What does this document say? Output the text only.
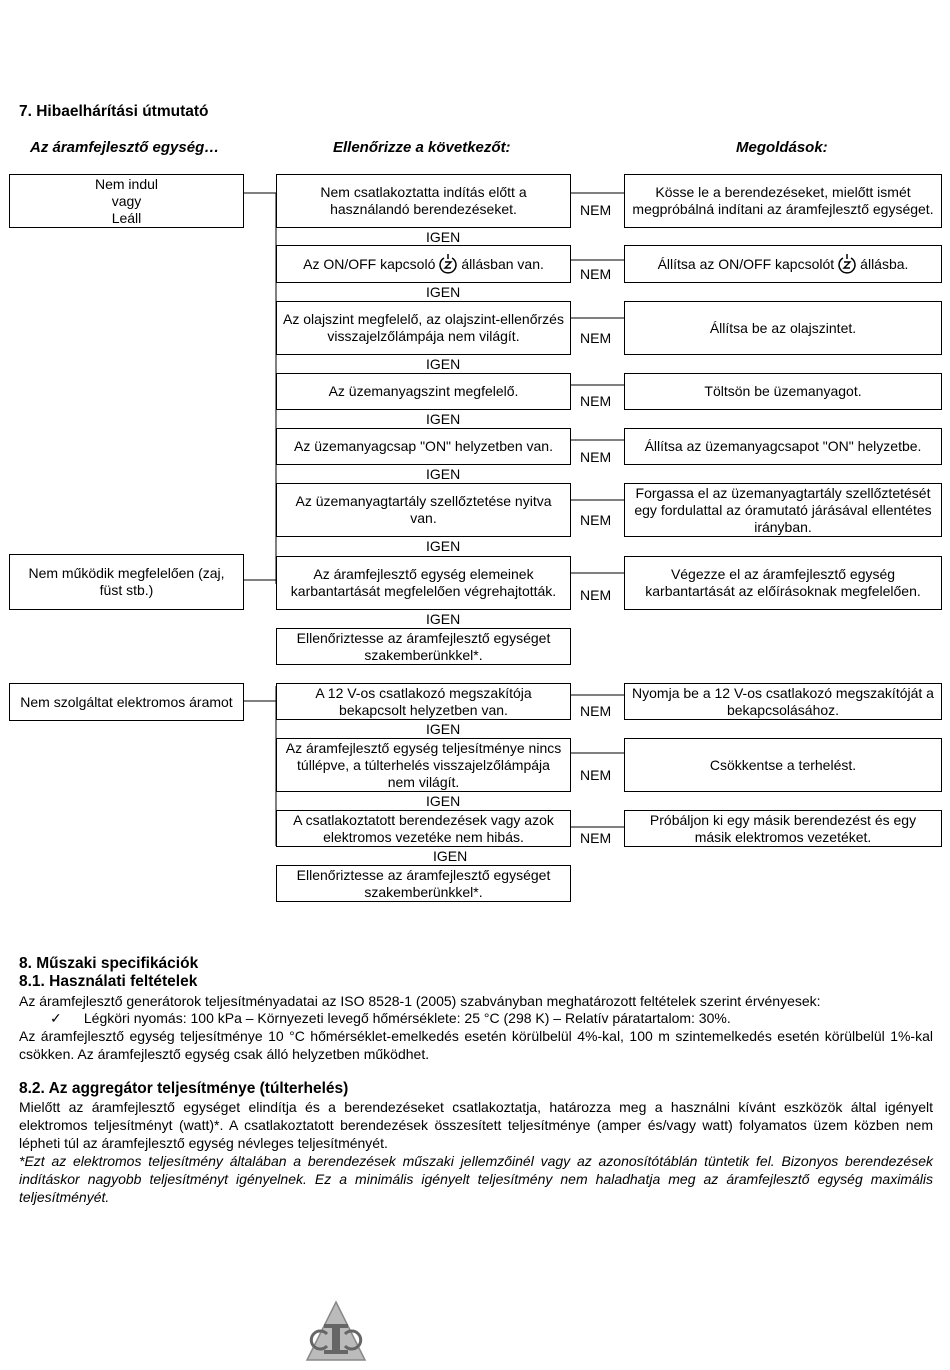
7. Hibaelhárítási útmutató
Az áramfejlesztő egység…	Ellenőrizze a következőt:	Megoldások:
Nem indul
vagy
Leáll
Nem működik megfelelően (zaj, füst stb.)
Nem szolgáltat elektromos áramot
Nem csatlakoztatta indítás előtt a használandó berendezéseket.
Az ON/OFF kapcsoló állásban van.
Az olajszint megfelelő, az olajszint-ellenőrzés visszajelzőlámpája nem világít.
Az üzemanyagszint megfelelő.
Az üzemanyagcsap "ON" helyzetben van.
Az üzemanyagtartály szellőztetése nyitva van.
Az áramfejlesztő egység elemeinek karbantartását megfelelően végrehajtották.
Ellenőriztesse az áramfejlesztő egységet szakemberünkkel*.
A 12 V-os csatlakozó megszakítója bekapcsolt helyzetben van.
Az áramfejlesztő egység teljesítménye nincs túllépve, a túlterhelés visszajelzőlámpája nem világít.
A csatlakoztatott berendezések vagy azok elektromos vezetéke nem hibás.
Ellenőriztesse az áramfejlesztő egységet szakemberünkkel*.
IGEN
IGEN
IGEN
IGEN
IGEN
IGEN
IGEN
IGEN
IGEN
IGEN
NEM
NEM
NEM
NEM
NEM
NEM
NEM
NEM
NEM
NEM
Kösse le a berendezéseket, mielőtt ismét megpróbálná indítani az áramfejlesztő egységet.
Állítsa az ON/OFF kapcsolót állásba.
Állítsa be az olajszintet.
Töltsön be üzemanyagot.
Állítsa az üzemanyagcsapot "ON" helyzetbe.
Forgassa el az üzemanyagtartály szellőztetését egy fordulattal az óramutató járásával ellentétes irányban.
Végezze el az áramfejlesztő egység karbantartását az előírásoknak megfelelően.
Nyomja be a 12 V-os csatlakozó megszakítóját a bekapcsolásához.
Csökkentse a terhelést.
Próbáljon ki egy másik berendezést és egy másik elektromos vezetéket.
8. Műszaki specifikációk
8.1. Használati feltételek
Az áramfejlesztő generátorok teljesítményadatai az ISO 8528-1 (2005) szabványban meghatározott feltételek szerint érvényesek:
✓ Légköri nyomás: 100 kPa – Környezeti levegő hőmérséklete: 25 °C (298 K) – Relatív páratartalom: 30%.
Az áramfejlesztő egység teljesítménye 10 °C hőmérséklet-emelkedés esetén körülbelül 4%-kal, 100 m szintemelkedés esetén körülbelül 1%-kal csökken. Az áramfejlesztő egység csak álló helyzetben működhet.
8.2. Az aggregátor teljesítménye (túlterhelés)
Mielőtt az áramfejlesztő egységet elindítja és a berendezéseket csatlakoztatja, határozza meg a használni kívánt eszközök által igényelt elektromos teljesítményt (watt)*. A csatlakoztatott berendezések összesített teljesítménye (amper és/vagy watt) folyamatos üzem közben nem lépheti túl az áramfejlesztő egység névleges teljesítményét.
*Ezt az elektromos teljesítmény általában a berendezések műszaki jellemzőinél vagy az azonosítótáblán tüntetik fel. Bizonyos berendezések indításkor nagyobb teljesítményt igényelnek. Ez a minimális igényelt teljesítmény nem haladhatja meg az áramfejlesztő egység maximális teljesítményét.
